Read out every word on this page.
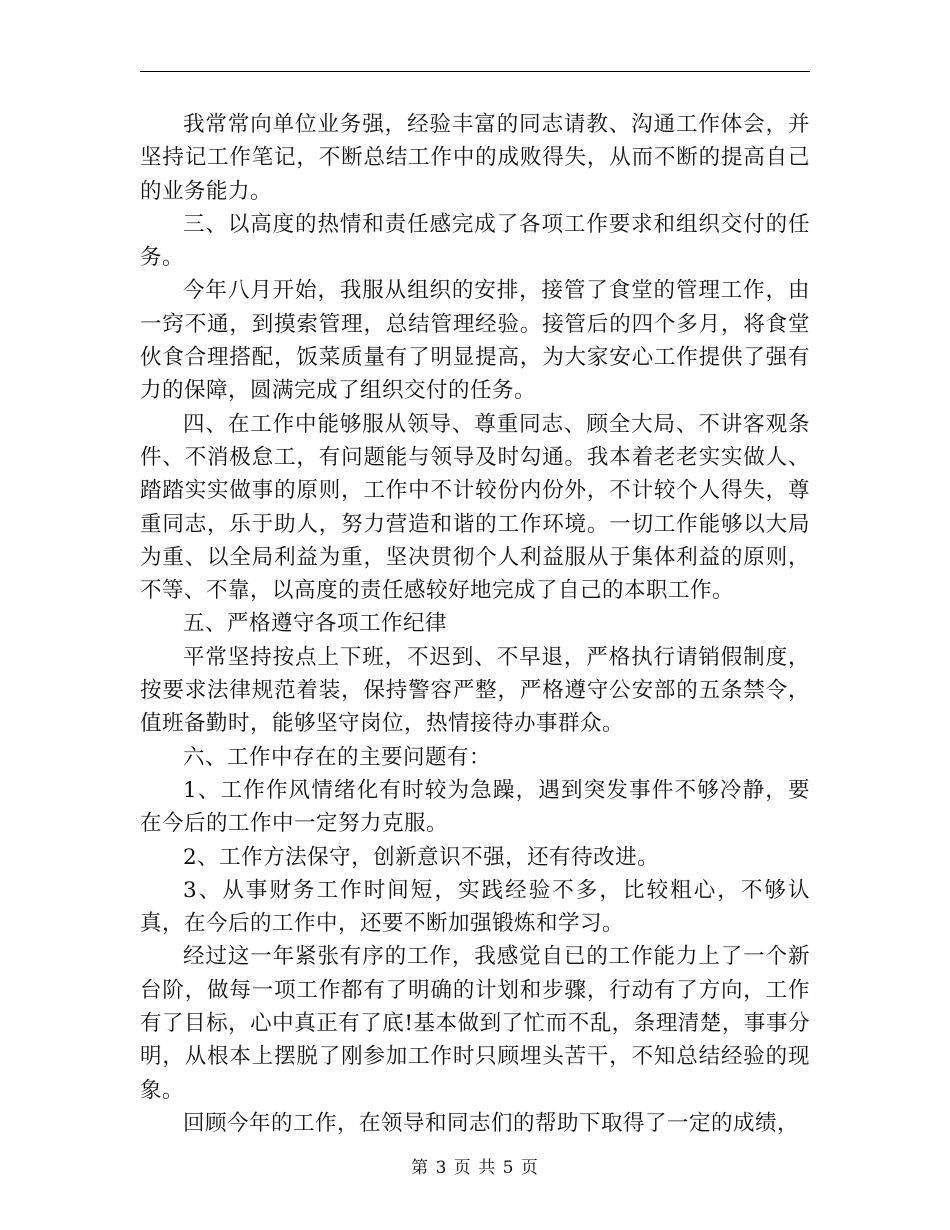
我常常向单位业务强，经验丰富的同志请教、沟通工作体会，并坚持记工作笔记，不断总结工作中的成败得失，从而不断的提高自己的业务能力。

三、以高度的热情和责任感完成了各项工作要求和组织交付的任务。

今年八月开始，我服从组织的安排，接管了食堂的管理工作，由一窍不通，到摸索管理，总结管理经验。接管后的四个多月，将食堂伙食合理搭配，饭菜质量有了明显提高，为大家安心工作提供了强有力的保障，圆满完成了组织交付的任务。

四、在工作中能够服从领导、尊重同志、顾全大局、不讲客观条件、不消极怠工，有问题能与领导及时勾通。我本着老老实实做人、踏踏实实做事的原则，工作中不计较份内份外，不计较个人得失，尊重同志，乐于助人，努力营造和谐的工作环境。一切工作能够以大局为重、以全局利益为重，坚决贯彻个人利益服从于集体利益的原则，不等、不靠，以高度的责任感较好地完成了自己的本职工作。

五、严格遵守各项工作纪律

平常坚持按点上下班，不迟到、不早退，严格执行请销假制度，按要求法律规范着装，保持警容严整，严格遵守公安部的五条禁令，值班备勤时，能够坚守岗位，热情接待办事群众。

六、工作中存在的主要问题有：

1、工作作风情绪化有时较为急躁，遇到突发事件不够冷静，要在今后的工作中一定努力克服。

2、工作方法保守，创新意识不强，还有待改进。

3、从事财务工作时间短，实践经验不多，比较粗心，不够认真，在今后的工作中，还要不断加强锻炼和学习。

经过这一年紧张有序的工作，我感觉自已的工作能力上了一个新台阶，做每一项工作都有了明确的计划和步骤，行动有了方向，工作有了目标，心中真正有了底!基本做到了忙而不乱，条理清楚，事事分明，从根本上摆脱了刚参加工作时只顾埋头苦干，不知总结经验的现象。

回顾今年的工作，在领导和同志们的帮助下取得了一定的成绩，

第 3 页 共 5 页
